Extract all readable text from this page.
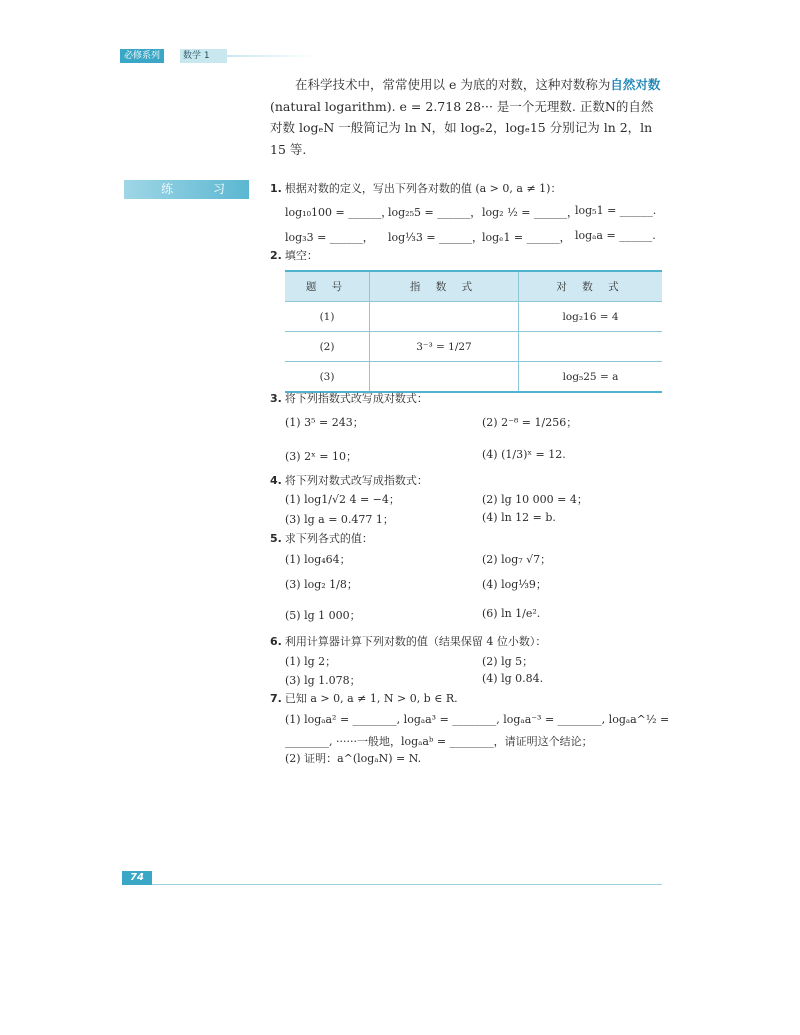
必修系列	数学 1
在科学技术中，常常使用以 e 为底的对数，这种对数称为自然对数(natural logarithm). e = 2.718 28··· 是一个无理数. 正数N的自然对数 logₑN 一般简记为 ln N，如 logₑ2，logₑ15 分别记为 ln 2，ln 15 等.
练 习	1. 根据对数的定义，写出下列各对数的值 (a > 0, a ≠ 1)：
log₁₀100 = ______，
log₂₅5 = ______， log₂ ½ = ______，
log₅1 = ______.
log₃3 = ______， log⅓3 = ______，
logₑ1 = ______， logₐa = ______.
2. 填空：
题 号	指 数 式	对 数 式
(1)		log₂16 = 4
(2)	3⁻³ = 1/27	
(3)		log₅25 = a
3. 将下列指数式改写成对数式：
(1) 3⁵ = 243；	(2) 2⁻⁸ = 1/256；
(3) 2ˣ = 10；	(4) (1/3)ˣ = 12.
4. 将下列对数式改写成指数式：
(1) log1/√2 4 = −4；	(2) lg 10 000 = 4；
(3) lg a = 0.477 1；	(4) ln 12 = b.
5. 求下列各式的值：
(1) log₄64；	(2) log₇ √7；
(3) log₂ 1/8；	(4) log⅓9；
(5) lg 1 000；	(6) ln 1/e².
6. 利用计算器计算下列对数的值（结果保留 4 位小数）：
(1) lg 2；	(2) lg 5；
(3) lg 1.078；	(4) lg 0.84.
7. 已知 a > 0, a ≠ 1, N > 0, b ∈ R.
(1) logₐa² = ________, logₐa³ = ________, logₐa⁻³ = ________, logₐa^½ =
________, ······一般地，logₐaᵇ = ________，请证明这个结论；
(2) 证明：a^(logₐN) = N.
74
